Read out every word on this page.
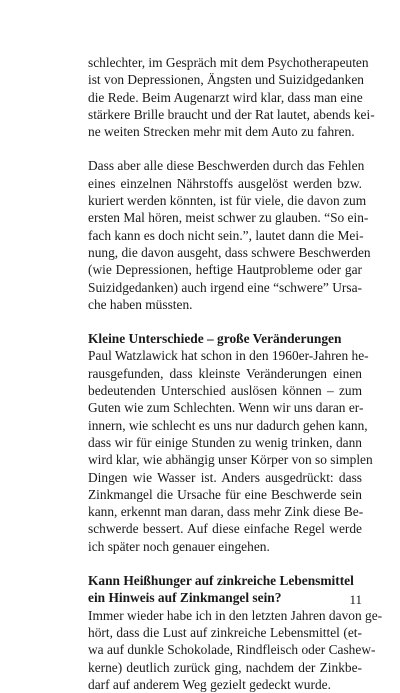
schlechter, im Gespräch mit dem Psychotherapeuten
ist von Depressionen, Ängsten und Suizidgedanken
die Rede. Beim Augenarzt wird klar, dass man eine
stärkere Brille braucht und der Rat lautet, abends kei-
ne weiten Strecken mehr mit dem Auto zu fahren.

Dass aber alle diese Beschwerden durch das Fehlen
eines einzelnen Nährstoffs ausgelöst werden bzw.
kuriert werden könnten, ist für viele, die davon zum
ersten Mal hören, meist schwer zu glauben. “So ein-
fach kann es doch nicht sein.”, lautet dann die Mei-
nung, die davon ausgeht, dass schwere Beschwerden
(wie Depressionen, heftige Hautprobleme oder gar
Suizidgedanken) auch irgend eine “schwere” Ursa-
che haben müssten.

Kleine Unterschiede – große Veränderungen

Paul Watzlawick hat schon in den 1960er-Jahren he-
rausgefunden, dass kleinste Veränderungen einen
bedeutenden Unterschied auslösen können – zum
Guten wie zum Schlechten. Wenn wir uns daran er-
innern, wie schlecht es uns nur dadurch gehen kann,
dass wir für einige Stunden zu wenig trinken, dann
wird klar, wie abhängig unser Körper von so simplen
Dingen wie Wasser ist. Anders ausgedrückt: dass
Zinkmangel die Ursache für eine Beschwerde sein
kann, erkennt man daran, dass mehr Zink diese Be-
schwerde bessert. Auf diese einfache Regel werde
ich später noch genauer eingehen.

Kann Heißhunger auf zinkreiche Lebensmittel
ein Hinweis auf Zinkmangel sein?

Immer wieder habe ich in den letzten Jahren davon ge-
hört, dass die Lust auf zinkreiche Lebensmittel (et-
wa auf dunkle Schokolade, Rindfleisch oder Cashew-
kerne) deutlich zurück ging, nachdem der Zinkbe-
darf auf anderem Weg gezielt gedeckt wurde.

11
